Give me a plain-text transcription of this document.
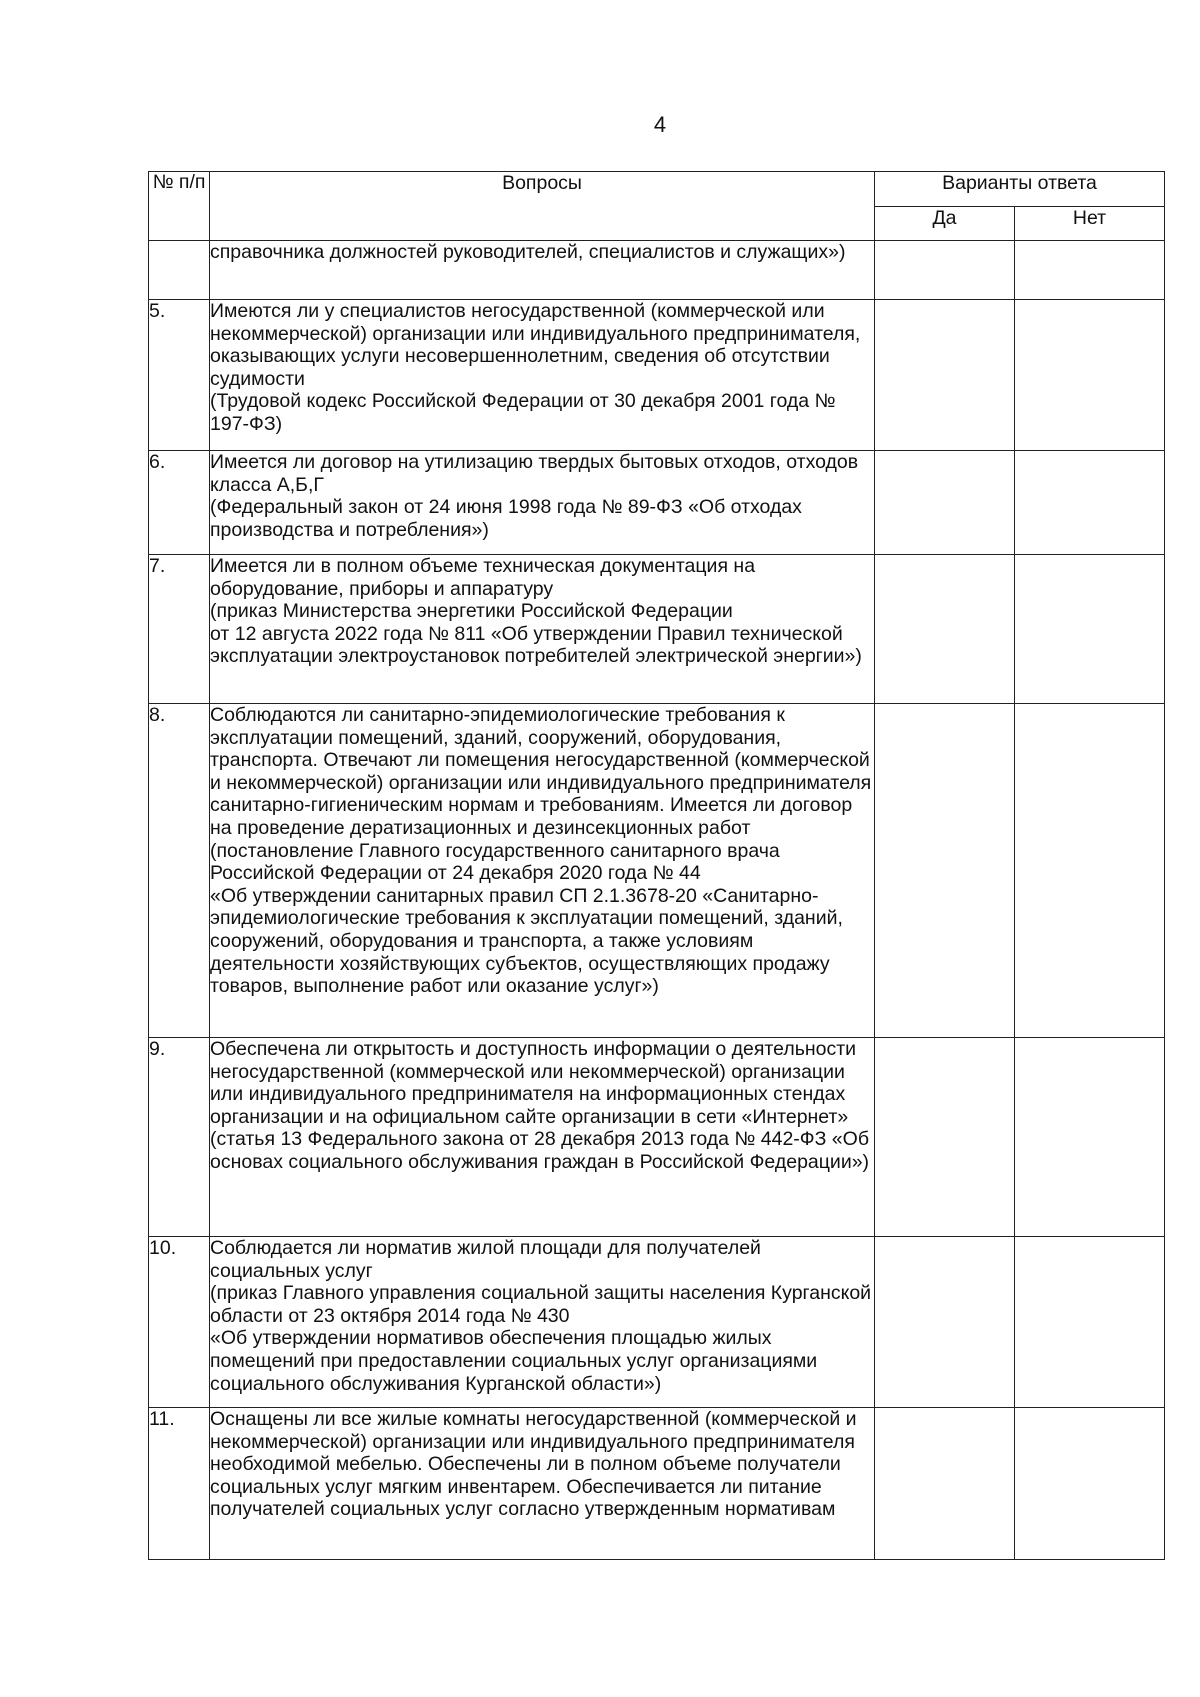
4
№ п/п	Вопросы	Варианты ответа	
		Да	Нет
	справочника должностей руководителей, специалистов и служащих»)		
5.	Имеются ли у специалистов негосударственной (коммерческой или некоммерческой) организации или индивидуального предпринимателя, оказывающих услуги несовершеннолетним, сведения об отсутствии судимости
(Трудовой кодекс Российской Федерации от 30 декабря 2001 года № 197-ФЗ)		
6.	Имеется ли договор на утилизацию твердых бытовых отходов, отходов класса А,Б,Г
(Федеральный закон от 24 июня 1998 года № 89-ФЗ «Об отходах производства и потребления»)		
7.	Имеется ли в полном объеме техническая документация на оборудование, приборы и аппаратуру
(приказ Министерства энергетики Российской Федерации
от 12 августа 2022 года № 811 «Об утверждении Правил технической эксплуатации электроустановок потребителей электрической энергии»)		
8.	Соблюдаются ли санитарно-эпидемиологические требования к эксплуатации помещений, зданий, сооружений, оборудования, транспорта. Отвечают ли помещения негосударственной (коммерческой и некоммерческой) организации или индивидуального предпринимателя санитарно-гигиеническим нормам и требованиям. Имеется ли договор на проведение дератизационных и дезинсекционных работ
(постановление Главного государственного санитарного врача Российской Федерации от 24 декабря 2020 года № 44
«Об утверждении санитарных правил СП 2.1.3678-20 «Санитарно-эпидемиологические требования к эксплуатации помещений, зданий, сооружений, оборудования и транспорта, а также условиям деятельности хозяйствующих субъектов, осуществляющих продажу товаров, выполнение работ или оказание услуг»)		
9.	Обеспечена ли открытость и доступность информации о деятельности негосударственной (коммерческой или некоммерческой) организации или индивидуального предпринимателя на информационных стендах организации и на официальном сайте организации в сети «Интернет»
(статья 13 Федерального закона от 28 декабря 2013 года № 442-ФЗ «Об основах социального обслуживания граждан в Российской Федерации»)		
10.	Соблюдается ли норматив жилой площади для получателей социальных услуг
(приказ Главного управления социальной защиты населения Курганской области от 23 октября 2014 года № 430
«Об утверждении нормативов обеспечения площадью жилых помещений при предоставлении социальных услуг организациями социального обслуживания Курганской области»)		
11.	Оснащены ли все жилые комнаты негосударственной (коммерческой и некоммерческой) организации или индивидуального предпринимателя необходимой мебелью. Обеспечены ли в полном объеме получатели социальных услуг мягким инвентарем. Обеспечивается ли питание получателей социальных услуг согласно утвержденным нормативам		
